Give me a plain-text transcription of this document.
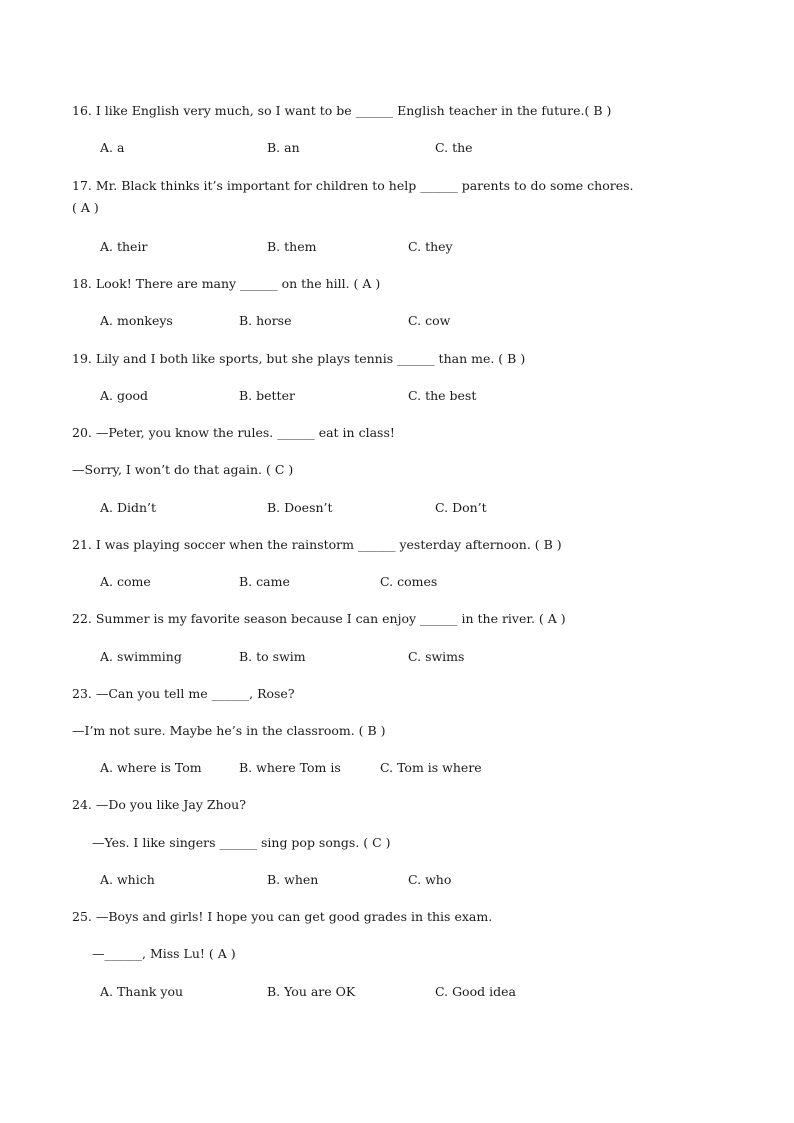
16. I like English very much, so I want to be ______ English teacher in the future.( B )
A. a	B. an	C. the
17. Mr. Black thinks it’s important for children to help ______ parents to do some chores.
( A )
A. their	B. them	C. they
18. Look! There are many ______ on the hill. ( A )
A. monkeys	B. horse	C. cow
19. Lily and I both like sports, but she plays tennis ______ than me. ( B )
A. good	B. better	C. the best
20. —Peter, you know the rules. ______ eat in class!
—Sorry, I won’t do that again. ( C )
A. Didn’t	B. Doesn’t	C. Don’t
21. I was playing soccer when the rainstorm ______ yesterday afternoon. ( B )
A. come	B. came	C. comes
22. Summer is my favorite season because I can enjoy ______ in the river. ( A )
A. swimming	B. to swim	C. swims
23. —Can you tell me ______, Rose?
—I’m not sure. Maybe he’s in the classroom. ( B )
A. where is Tom	B. where Tom is	C. Tom is where
24. —Do you like Jay Zhou?
—Yes. I like singers ______ sing pop songs. ( C )
A. which	B. when	C. who
25. —Boys and girls! I hope you can get good grades in this exam.
—______, Miss Lu! ( A )
A. Thank you	B. You are OK	C. Good idea
